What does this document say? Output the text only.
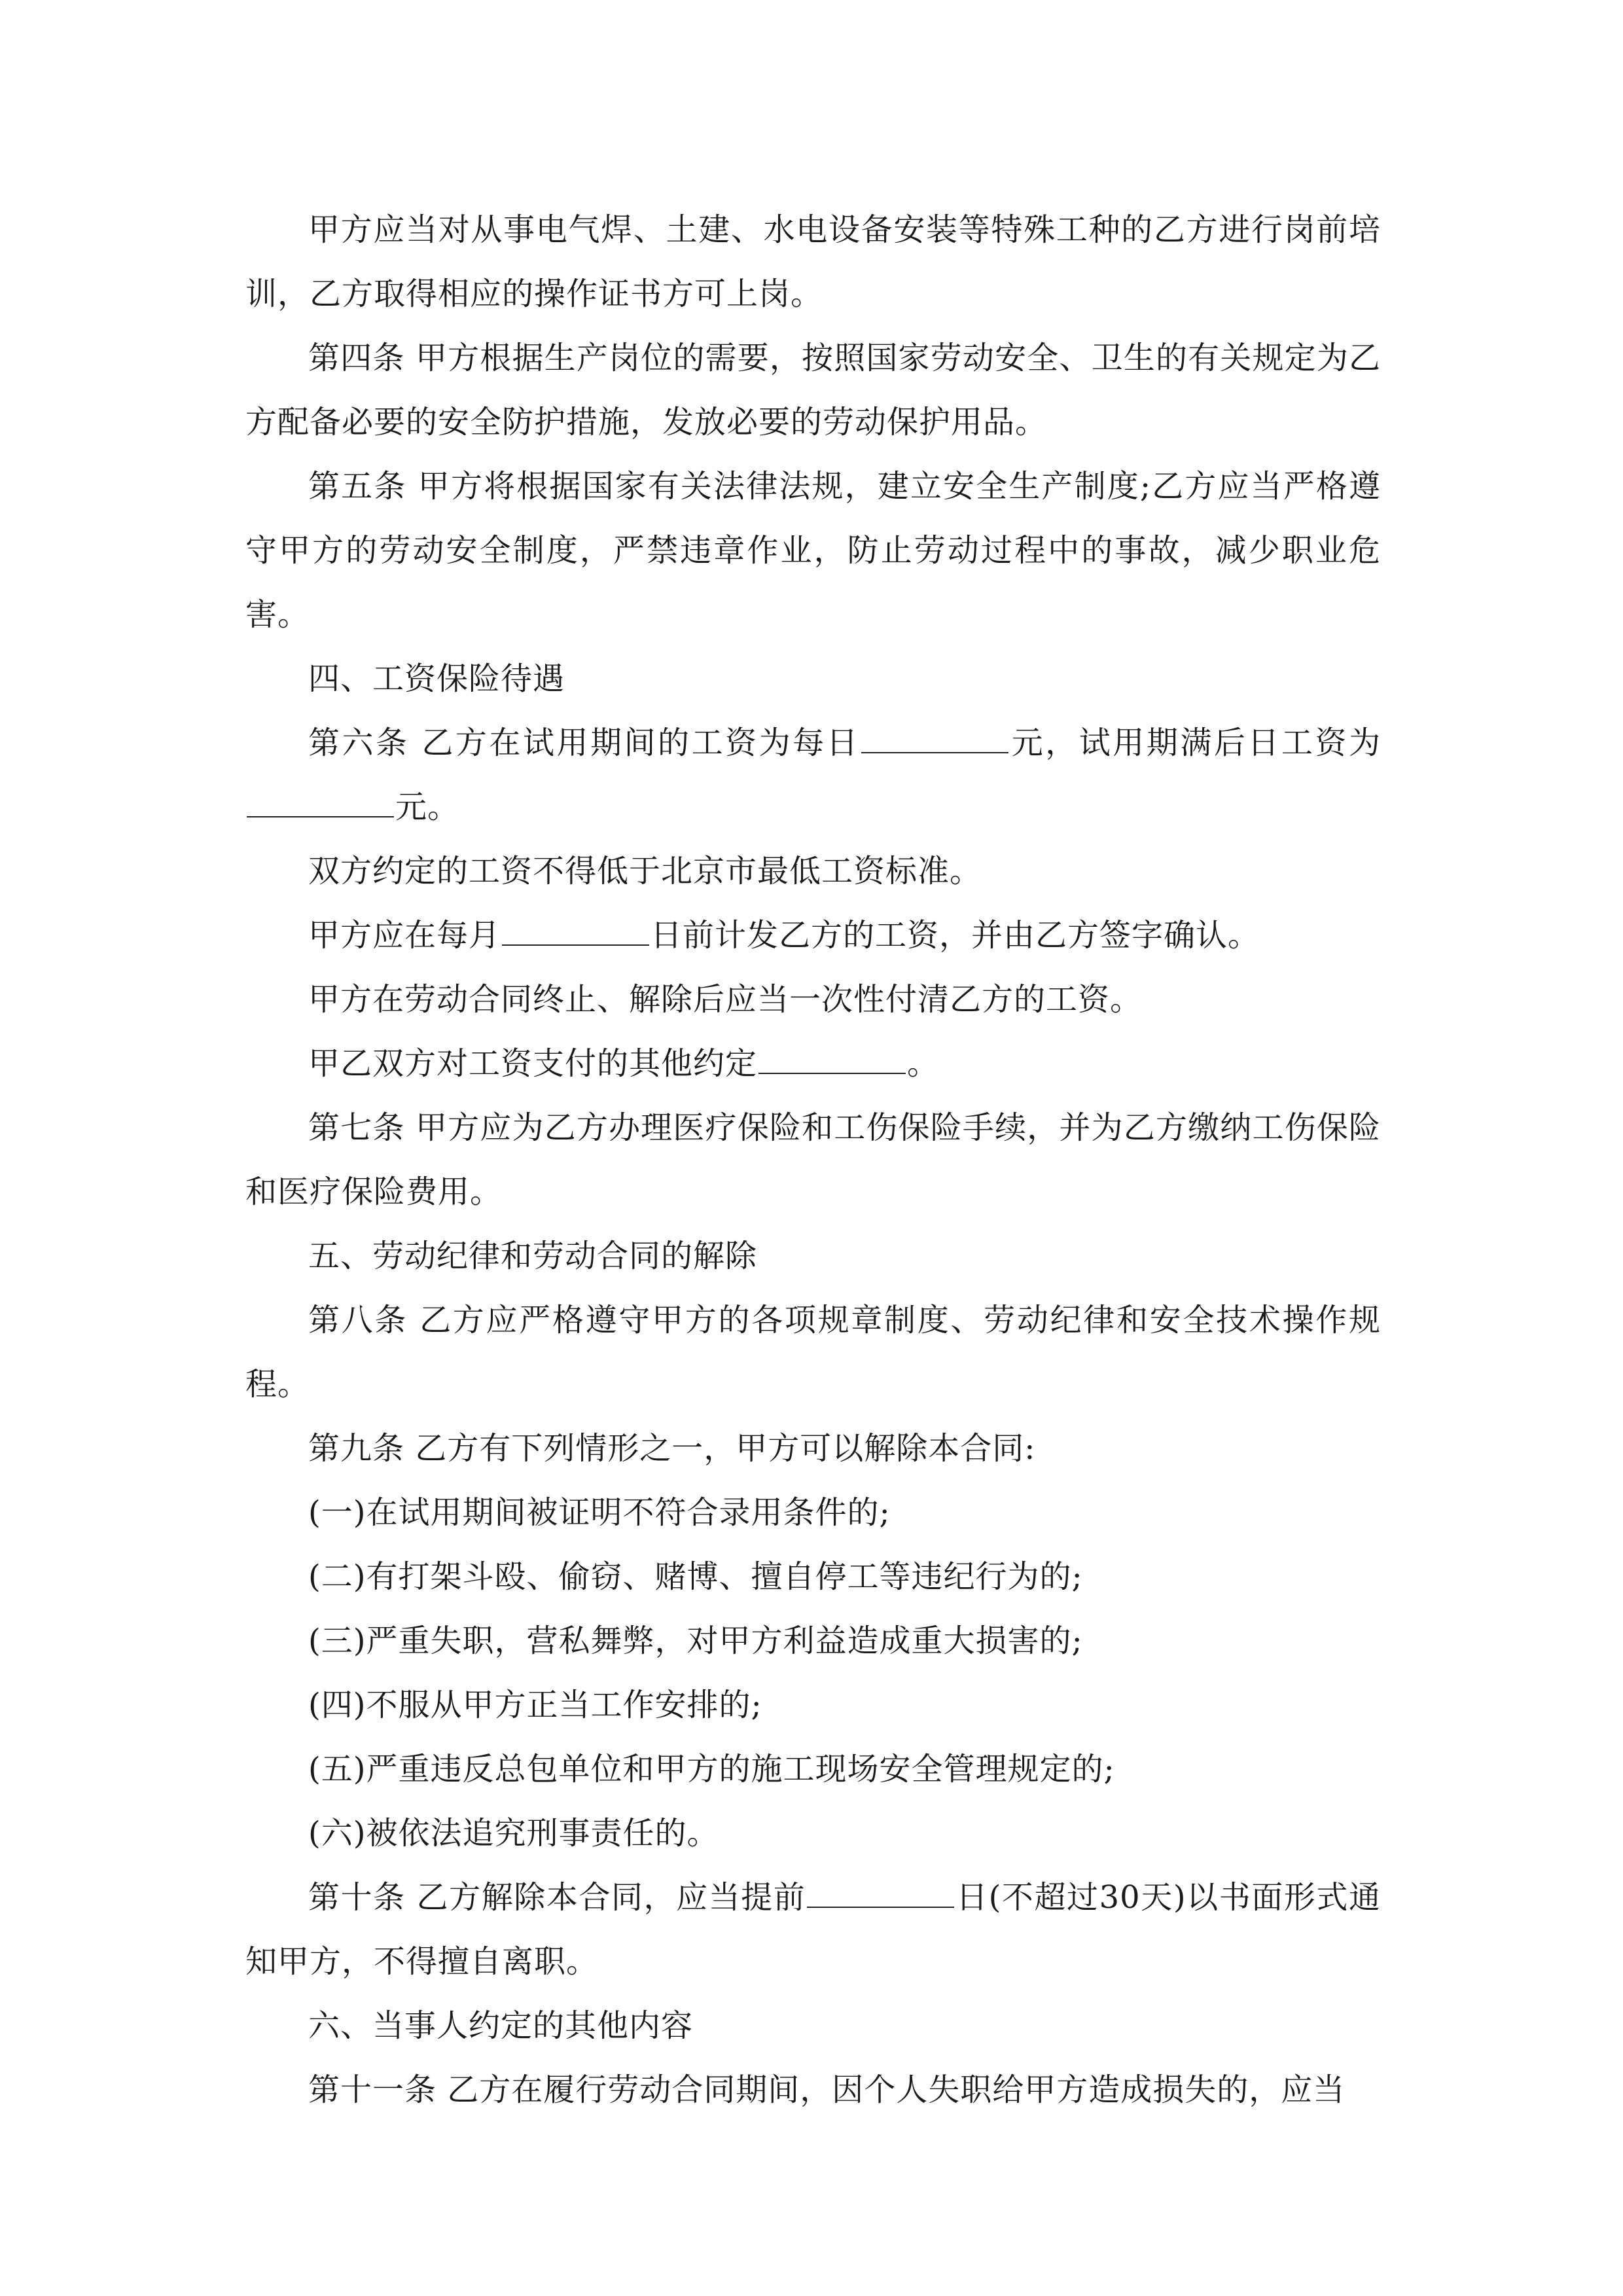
甲方应当对从事电气焊、土建、水电设备安装等特殊工种的乙方进行岗前培训，乙方取得相应的操作证书方可上岗。

第四条 甲方根据生产岗位的需要，按照国家劳动安全、卫生的有关规定为乙方配备必要的安全防护措施，发放必要的劳动保护用品。

第五条 甲方将根据国家有关法律法规，建立安全生产制度;乙方应当严格遵守甲方的劳动安全制度，严禁违章作业，防止劳动过程中的事故，减少职业危害。

四、工资保险待遇

第六条 乙方在试用期间的工资为每日	元，试用期满后日工资为元。

双方约定的工资不得低于北京市最低工资标准。

甲方应在每月	日前计发乙方的工资，并由乙方签字确认。

甲方在劳动合同终止、解除后应当一次性付清乙方的工资。

甲乙双方对工资支付的其他约定	。

第七条 甲方应为乙方办理医疗保险和工伤保险手续，并为乙方缴纳工伤保险和医疗保险费用。

五、劳动纪律和劳动合同的解除

第八条 乙方应严格遵守甲方的各项规章制度、劳动纪律和安全技术操作规程。

第九条 乙方有下列情形之一，甲方可以解除本合同:

(一)在试用期间被证明不符合录用条件的;

(二)有打架斗殴、偷窃、赌博、擅自停工等违纪行为的;

(三)严重失职，营私舞弊，对甲方利益造成重大损害的;

(四)不服从甲方正当工作安排的;

(五)严重违反总包单位和甲方的施工现场安全管理规定的;

(六)被依法追究刑事责任的。

第十条 乙方解除本合同，应当提前	日(不超过30天)以书面形式通知甲方，不得擅自离职。

六、当事人约定的其他内容

第十一条 乙方在履行劳动合同期间，因个人失职给甲方造成损失的，应当
